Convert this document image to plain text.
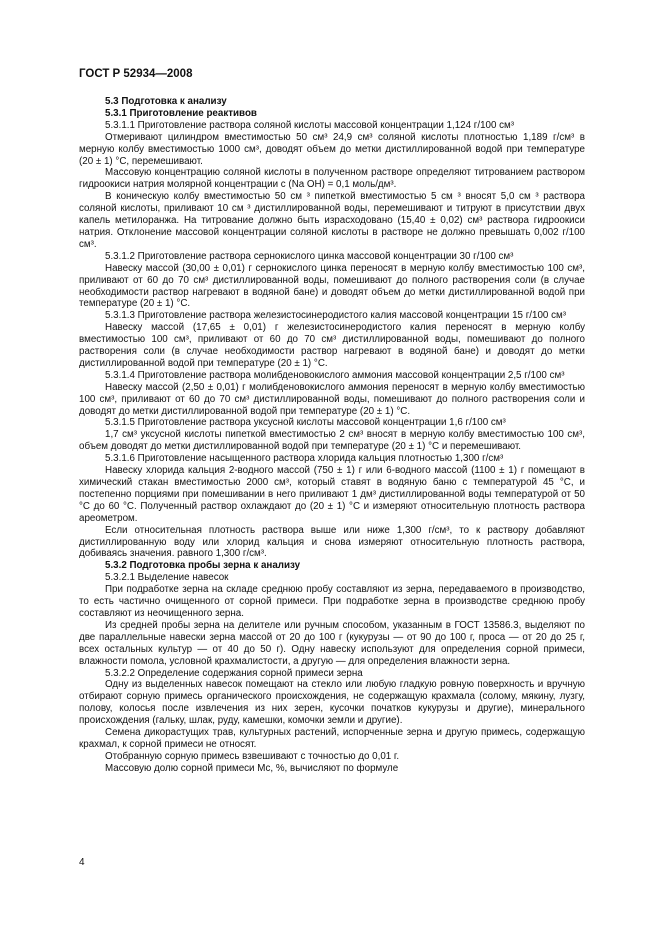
ГОСТ Р 52934—2008

5.3 Подготовка к анализу

5.3.1 Приготовление реактивов

5.3.1.1 Приготовление раствора соляной кислоты массовой концентрации 1,124 г/100 см³

Отмеривают цилиндром вместимостью 50 см³ 24,9 см³ соляной кислоты плотностью 1,189 г/см³ в мерную колбу вместимостью 1000 см³, доводят объем до метки дистиллированной водой при температуре (20 ± 1) °С, перемешивают.

Массовую концентрацию соляной кислоты в полученном растворе определяют титрованием раствором гидроокиси натрия молярной концентрации с (Na OH) = 0,1 моль/дм³.

В коническую колбу вместимостью 50 см ³ пипеткой вместимостью 5 см ³ вносят 5,0 см ³ раствора соляной кислоты, приливают 10 см ³ дистиллированной воды, перемешивают и титруют в присутствии двух капель метилоранжа. На титрование должно быть израсходовано (15,40 ± 0,02) см³ раствора гидроокиси натрия. Отклонение массовой концентрации соляной кислоты в растворе не должно превышать 0,002 г/100 см³.

5.3.1.2 Приготовление раствора сернокислого цинка массовой концентрации 30 г/100 см³

Навеску массой (30,00 ± 0,01) г сернокислого цинка переносят в мерную колбу вместимостью 100 см³, приливают от 60 до 70 см³ дистиллированной воды, помешивают до полного растворения соли (в случае необходимости раствор нагревают в водяной бане) и доводят объем до метки дистиллированной водой при температуре (20 ± 1) °С.

5.3.1.3 Приготовление раствора железистосинеродистого калия массовой концентрации 15 г/100 см³

Навеску массой (17,65 ± 0,01) г железистосинеродистого калия переносят в мерную колбу вместимостью 100 см³, приливают от 60 до 70 см³ дистиллированной воды, помешивают до полного растворения соли (в случае необходимости раствор нагревают в водяной бане) и доводят до метки дистиллированной водой при температуре (20 ± 1) °С.

5.3.1.4 Приготовление раствора молибденовокислого аммония массовой концентрации 2,5 г/100 см³

Навеску массой (2,50 ± 0,01) г молибденовокислого аммония переносят в мерную колбу вместимостью 100 см³, приливают от 60 до 70 см³ дистиллированной воды, помешивают до полного растворения соли и доводят до метки дистиллированной водой при температуре (20 ± 1) °С.

5.3.1.5 Приготовление раствора уксусной кислоты массовой концентрации 1,6 г/100 см³

1,7 см³ уксусной кислоты пипеткой вместимостью 2 см³ вносят в мерную колбу вместимостью 100 см³, объем доводят до метки дистиллированной водой при температуре (20 ± 1) °С и перемешивают.

5.3.1.6 Приготовление насыщенного раствора хлорида кальция плотностью 1,300 г/см³

Навеску хлорида кальция 2-водного массой (750 ± 1) г или 6-водного массой (1100 ± 1) г помещают в химический стакан вместимостью 2000 см³, который ставят в водяную баню с температурой 45 °С, и постепенно порциями при помешивании в него приливают 1 дм³ дистиллированной воды температурой от 50 °С до 60 °С. Полученный раствор охлаждают до (20 ± 1) °С и измеряют относительную плотность раствора ареометром.

Если относительная плотность раствора выше или ниже 1,300 г/см³, то к раствору добавляют дистиллированную воду или хлорид кальция и снова измеряют относительную плотность раствора, добиваясь значения. равного 1,300 г/см³.

5.3.2 Подготовка пробы зерна к анализу

5.3.2.1 Выделение навесок

При подработке зерна на складе среднюю пробу составляют из зерна, передаваемого в производство, то есть частично очищенного от сорной примеси. При подработке зерна в производстве среднюю пробу составляют из неочищенного зерна.

Из средней пробы зерна на делителе или ручным способом, указанным в ГОСТ 13586.3, выделяют по две параллельные навески зерна массой от 20 до 100 г (кукурузы — от 90 до 100 г, проса — от 20 до 25 г, всех остальных культур — от 40 до 50 г). Одну навеску используют для определения сорной примеси, влажности помола, условной крахмалистости, а другую — для определения влажности зерна.

5.3.2.2 Определение содержания сорной примеси зерна

Одну из выделенных навесок помещают на стекло или любую гладкую ровную поверхность и вручную отбирают сорную примесь органического происхождения, не содержащую крахмала (солому, мякину, лузгу, полову, колосья после извлечения из них зерен, кусочки початков кукурузы и другие), минерального происхождения (гальку, шлак, руду, камешки, комочки земли и другие).

Семена дикорастущих трав, культурных растений, испорченные зерна и другую примесь, содержащую крахмал, к сорной примеси не относят.

Отобранную сорную примесь взвешивают с точностью до 0,01 г.

Массовую долю сорной примеси Мс, %, вычисляют по формуле

4
